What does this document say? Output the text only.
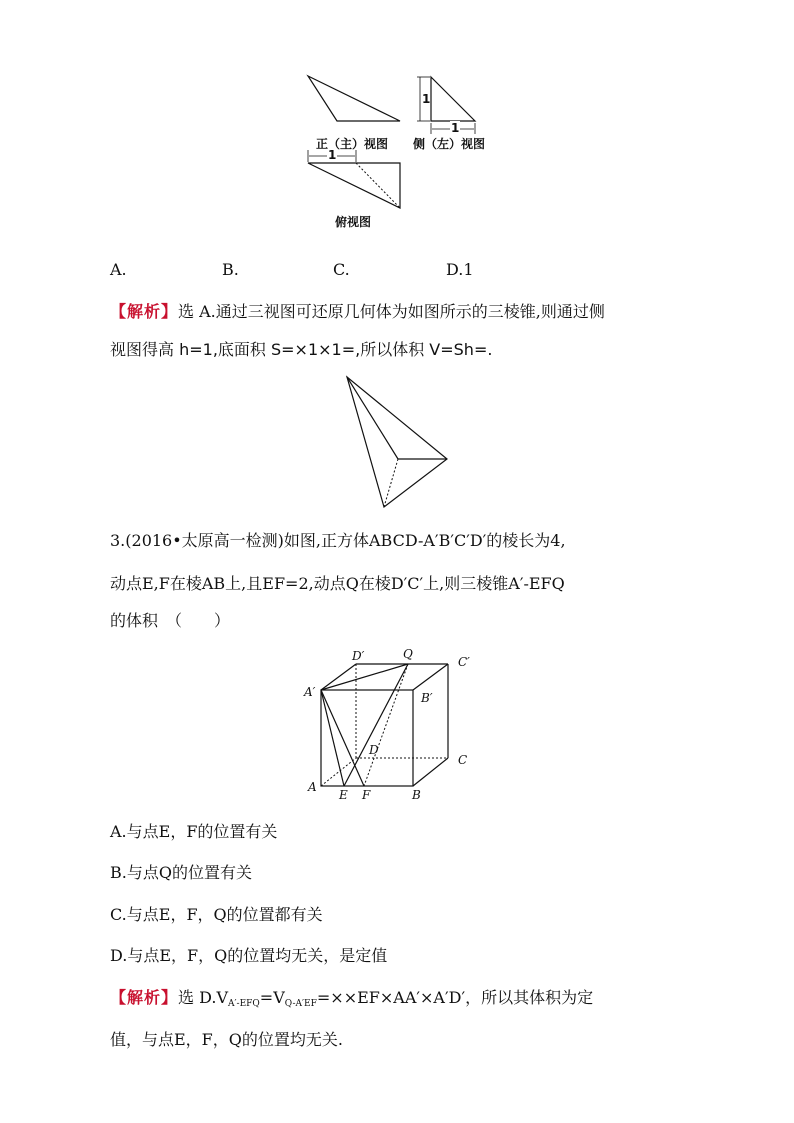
1
1
1
正（主）视图 侧（左）视图
俯视图
A.	B.	C.	D.1
【解析】选 A.通过三视图可还原几何体为如图所示的三棱锥,则通过侧
视图得高 h=1,底面积 S=×1×1=,所以体积 V=Sh=.
3.(2016•太原高一检测)如图,正方体ABCD-A′B′C′D′的棱长为4,
动点E,F在棱AB上,且EF=2,动点Q在棱D′C′上,则三棱锥A′-EFQ
的体积　（　　）
D′	Q
C′
A′	B′
D
C
A
E F	B
A.与点E，F的位置有关
B.与点Q的位置有关
C.与点E，F，Q的位置都有关
D.与点E，F，Q的位置均无关，是定值
【解析】选 $D.V_{A'-EFQ}=V_{Q-A'EF}=\times\times EF\times AA'\times A'D'$，所以其体积为定
值，与点E，F，Q的位置均无关.
